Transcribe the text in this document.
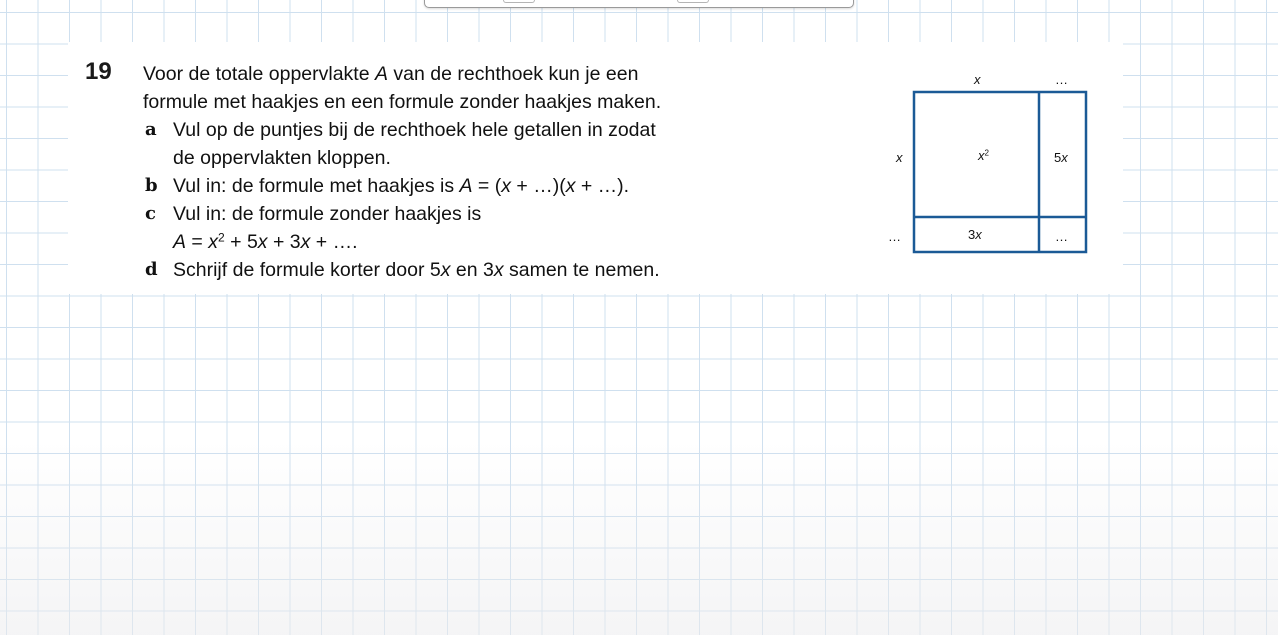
19 Voor de totale oppervlakte A van de rechthoek kun je een
formule met haakjes en een formule zonder haakjes maken.
a Vul op de puntjes bij de rechthoek hele getallen in zodat
de oppervlakten kloppen.
b Vul in: de formule met haakjes is A = (x + …)(x + …).
c Vul in: de formule zonder haakjes is
$A = x^2 + 5x + 3x$ + ….
d Schrijf de formule korter door 5x en 3x samen te nemen.
x	…
x
…
$x^2$	5x
3x	…
